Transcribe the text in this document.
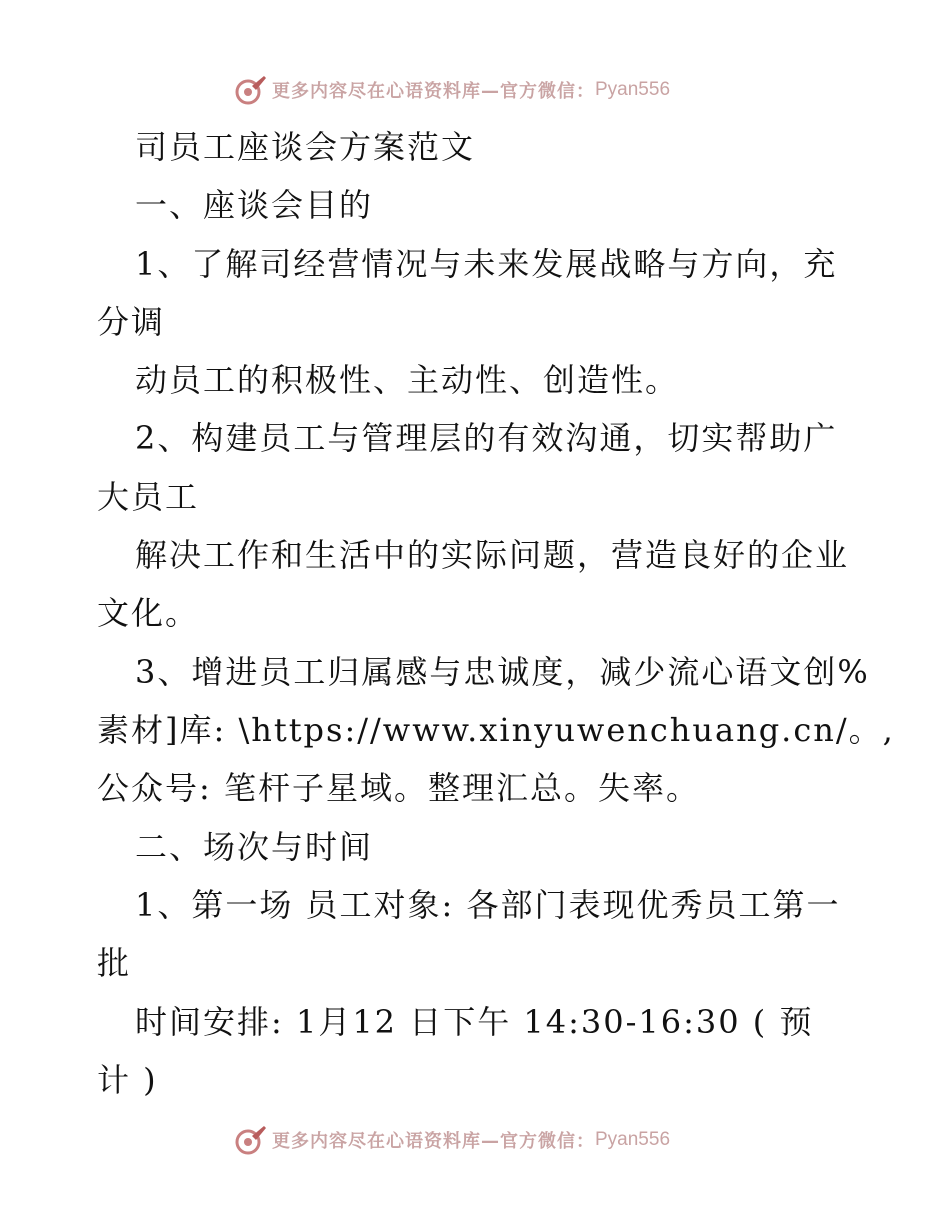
更多内容尽在心语资料库—官方微信： Pyan556
司员工座谈会方案范文
一、座谈会目的
1、了解司经营情况与未来发展战略与方向，充
分调
动员工的积极性、主动性、创造性。
2、构建员工与管理层的有效沟通，切实帮助广
大员工
解决工作和生活中的实际问题，营造良好的企业
文化。
3、增进员工归属感与忠诚度，减少流心语文创%
素材]库: \https://www.xinyuwenchuang.cn/。,
公众号: 笔杆子星域。整理汇总。失率。
二、场次与时间
1、第一场 员工对象: 各部门表现优秀员工第一
批
时间安排: 1月12 日下午 14:30-16:30 ( 预
计 )
更多内容尽在心语资料库—官方微信： Pyan556
